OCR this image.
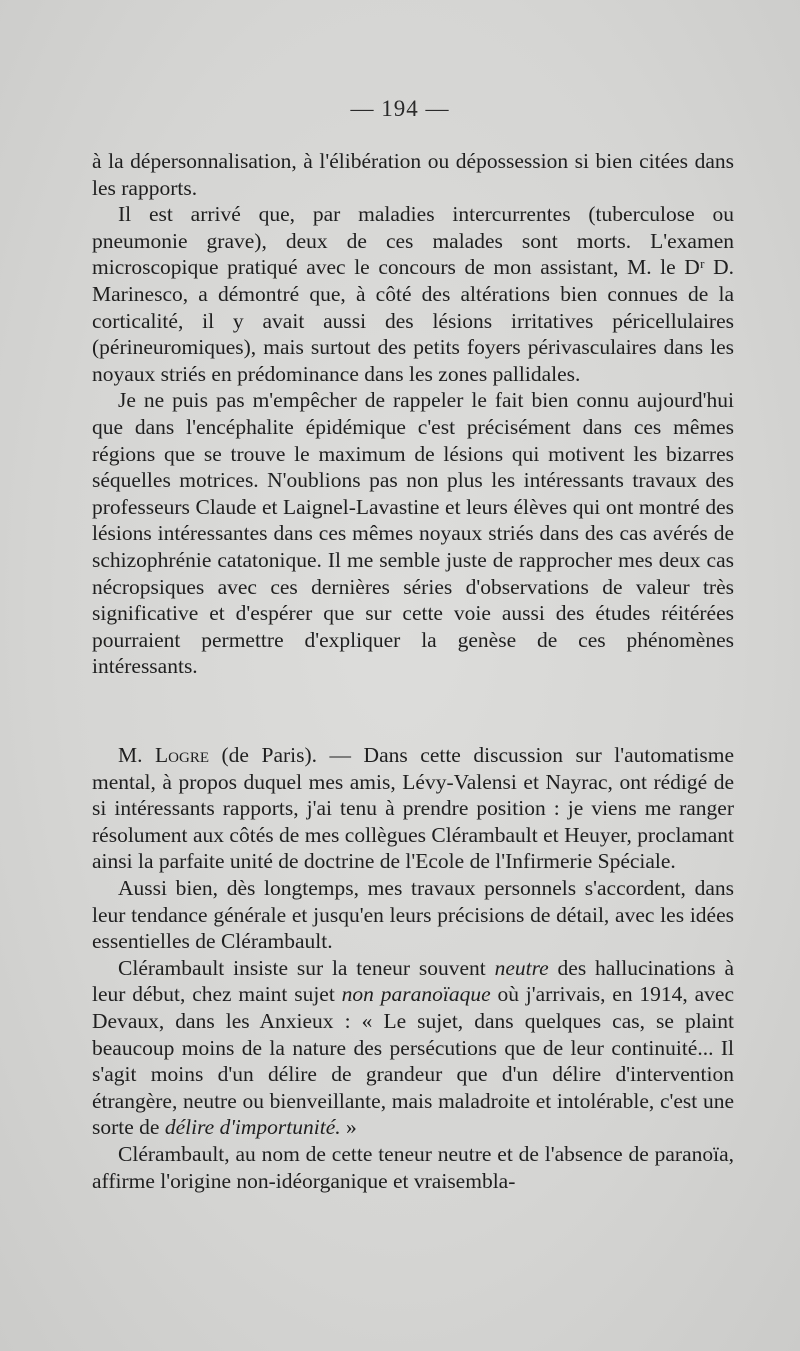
— 194 —

à la dépersonnalisation, à l'élibération ou dépossession si bien citées dans les rapports.

Il est arrivé que, par maladies intercurrentes (tuberculose ou pneumonie grave), deux de ces malades sont morts. L'examen microscopique pratiqué avec le concours de mon assistant, M. le Dʳ D. Marinesco, a démontré que, à côté des altérations bien connues de la corticalité, il y avait aussi des lésions irritatives péricellulaires (périneuromiques), mais surtout des petits foyers périvasculaires dans les noyaux striés en prédominance dans les zones pallidales.

Je ne puis pas m'empêcher de rappeler le fait bien connu aujourd'hui que dans l'encéphalite épidémique c'est précisément dans ces mêmes régions que se trouve le maximum de lésions qui motivent les bizarres séquelles motrices. N'oublions pas non plus les intéressants travaux des professeurs Claude et Laignel-Lavastine et leurs élèves qui ont montré des lésions intéressantes dans ces mêmes noyaux striés dans des cas avérés de schizophrénie catatonique. Il me semble juste de rapprocher mes deux cas nécropsiques avec ces dernières séries d'observations de valeur très significative et d'espérer que sur cette voie aussi des études réitérées pourraient permettre d'expliquer la genèse de ces phénomènes intéressants.

M. Logre (de Paris). — Dans cette discussion sur l'automatisme mental, à propos duquel mes amis, Lévy-Valensi et Nayrac, ont rédigé de si intéressants rapports, j'ai tenu à prendre position : je viens me ranger résolument aux côtés de mes collègues Clérambault et Heuyer, proclamant ainsi la parfaite unité de doctrine de l'Ecole de l'Infirmerie Spéciale.

Aussi bien, dès longtemps, mes travaux personnels s'accordent, dans leur tendance générale et jusqu'en leurs précisions de détail, avec les idées essentielles de Clérambault.

Clérambault insiste sur la teneur souvent neutre des hallucinations à leur début, chez maint sujet non paranoïaque où j'arrivais, en 1914, avec Devaux, dans les Anxieux : « Le sujet, dans quelques cas, se plaint beaucoup moins de la nature des persécutions que de leur continuité... Il s'agit moins d'un délire de grandeur que d'un délire d'intervention étrangère, neutre ou bienveillante, mais maladroite et intolérable, c'est une sorte de délire d'importunité. »

Clérambault, au nom de cette teneur neutre et de l'absence de paranoïa, affirme l'origine non-idéorganique et vraisembla-
